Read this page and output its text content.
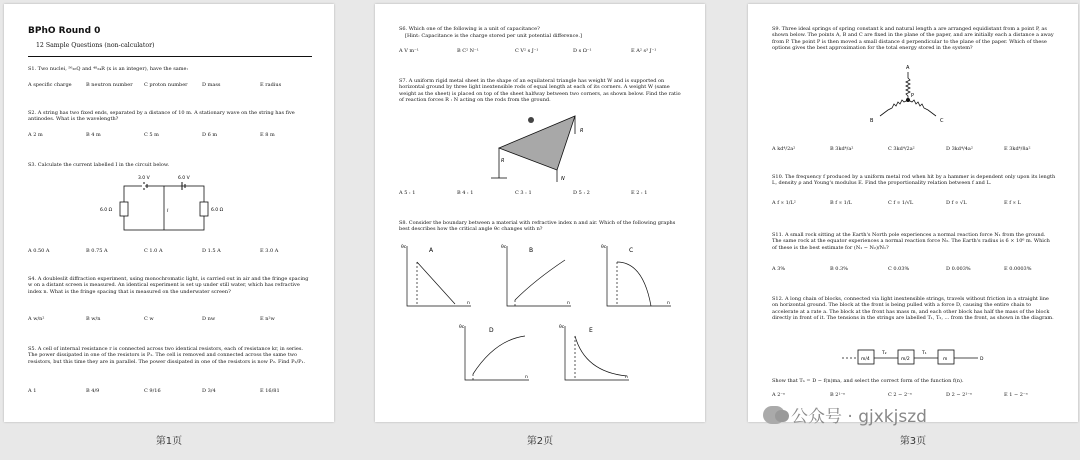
BPhO Round 0
12 Sample Questions (non-calculator)
S1. Two nuclei, ⁵⁶₂₆Q and ⁴⁸₂₄R (x is an integer), have the same:
A specific charge	B neutron number	C proton number	D mass	E radius
S2. A string has two fixed ends, separated by a distance of 10 m. A stationary wave on the string has five antinodes. What is the wavelength?
A 2 m	B 4 m	C 5 m	D 6 m	E 8 m
S3. Calculate the current labelled I in the circuit below.
3.0 V	6.0 V
6.0 Ω	6.0 Ω
I
A 0.50 A	B 0.75 A	C 1.0 A	D 1.5 A	E 3.0 A
S4. A doubleslit diffraction experiment, using monochromatic light, is carried out in air and the fringe spacing w on a distant screen is measured. An identical experiment is set up under still water, which has refractive index n. What is the fringe spacing that is measured on the underwater screen?
A w/n²	B w/n	C w	D nw	E n²w
S5. A cell of internal resistance r is connected across two identical resistors, each of resistance kr, in series. The power dissipated in one of the resistors is P₁. The cell is removed and connected across the same two resistors, but this time they are in parallel. The power dissipated in one of the resistors is now P₂. Find P₂/P₁.
A 1	B 4/9	C 9/16	D 3/4	E 16/81
第1页
S6. Which one of the following is a unit of capacitance?
[Hint: Capacitance is the charge stored per unit potential difference.]
A V m⁻¹	B C² N⁻¹	C V² s J⁻¹	D s Ω⁻¹	E A² s³ J⁻¹
S7. A uniform rigid metal sheet in the shape of an equilateral triangle has weight W and is supported on horizontal ground by three light inextensible rods of equal length at each of its corners. A weight W (same weight as the sheet) is placed on top of the sheet halfway between two corners, as shown below. Find the ratio of reaction forces R : N acting on the rods from the ground.
R
R
N
A 5 : 1	B 4 : 1	C 3 : 1	D 5 : 2	E 2 : 1
S8. Consider the boundary between a material with refractive index n and air. Which of the following graphs best describes how the critical angle θc changes with n?
θc	θc	θc
θc	θc
n	n	n
n	n
A	B	C
D	E
第2页
S9. Three ideal springs of spring constant k and natural length a are arranged equidistant from a point P, as shown below. The points A, B and C are fixed in the plane of the paper, and are initially each a distance a away from P. The point P is then moved a small distance d perpendicular to the plane of the paper. Which of these options gives the best approximation for the total energy stored in the system?
A
B	C
P
A kd⁴/2a²	B 3kd⁴/a²	C 3kd⁴/2a²	D 3kd⁴/4a²	E 3kd⁴/8a²
S10. The frequency f produced by a uniform metal rod when hit by a hammer is dependent only upon its length L, density ρ and Young's modulus E. Find the proportionality relation between f and L.
A f ∝ 1/L²	B f ∝ 1/L	C f ∝ 1/√L	D f ∝ √L	E f ∝ L
S11. A small rock sitting at the Earth's North pole experiences a normal reaction force N₁ from the ground. The same rock at the equator experiences a normal reaction force N₂. The Earth's radius is 6 × 10⁶ m. Which of these is the best estimate for (N₁ − N₂)/N₁?
A 3%	B 0.3%	C 0.03%	D 0.003%	E 0.0003%
S12. A long chain of blocks, connected via light inextensible strings, travels without friction in a straight line on horizontal ground. The block at the front is being pulled with a force D, causing the entire chain to accelerate at a rate a. The block at the front has mass m, and each other block has half the mass of the block directly in front of it. The tensions in the strings are labelled T₁, T₂, ... from the front, as shown in the diagram.
m/4	m/2	m
T₂	T₁
D
Show that Tₙ = D − f(n)ma, and select the correct form of the function f(n).
A 2⁻ⁿ	B 2¹⁻ⁿ	C 2 − 2⁻ⁿ	D 2 − 2¹⁻ⁿ	E 1 − 2⁻ⁿ
第3页
公众号 · gjxkjszd
